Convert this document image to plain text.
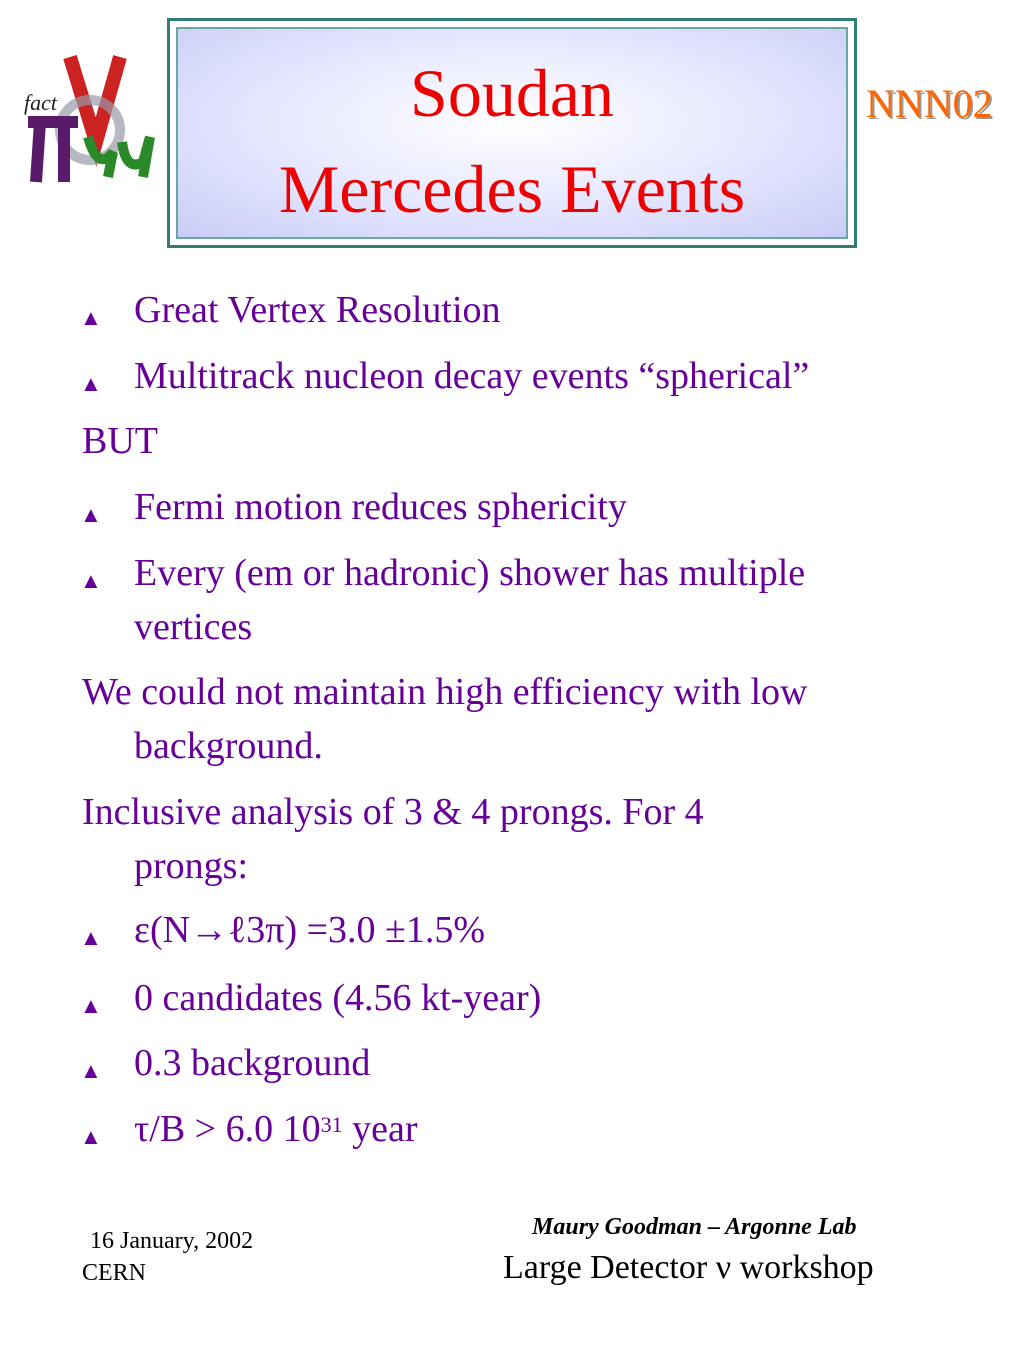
fact	Soudan
Mercedes Events
NNN02
▲ Great Vertex Resolution
▲ Multitrack nucleon decay events “spherical”
BUT
▲ Fermi motion reduces sphericity
▲ Every (em or hadronic) shower has multiple
vertices
We could not maintain high efficiency with low
background.
Inclusive analysis of 3 & 4 prongs. For 4
prongs:
▲ ε(N→ℓ3π) =3.0 ±1.5%
▲ 0 candidates (4.56 kt-year)
▲ 0.3 background
▲ τ/B > 6.0 $10^{31}$ year
16 January, 2002
CERN
Maury Goodman – Argonne Lab
Large Detector ν workshop
